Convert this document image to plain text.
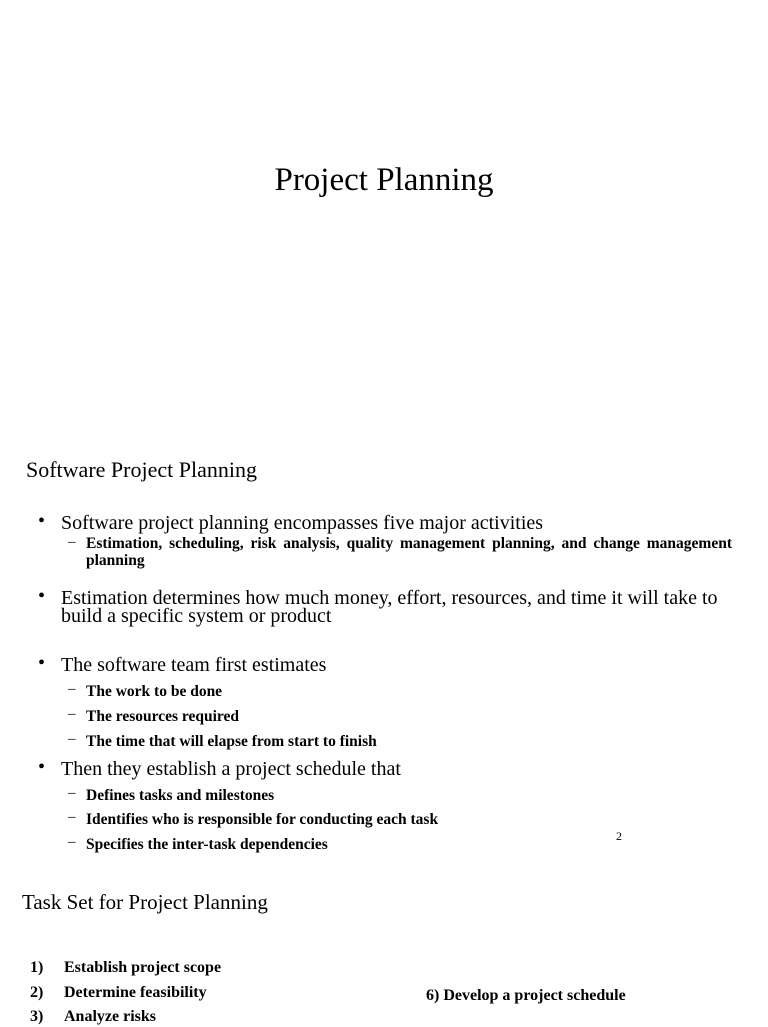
Project Planning
Software Project Planning
• Software project planning encompasses five major activities
– Estimation, scheduling, risk analysis, quality management planning, and change management planning
• Estimation determines how much money, effort, resources, and time it will take to build a specific system or product
• The software team first estimates
– The work to be done
– The resources required
– The time that will elapse from start to finish
• Then they establish a project schedule that
– Defines tasks and milestones
– Identifies who is responsible for conducting each task
– Specifies the inter-task dependencies	2
Task Set for Project Planning
1) Establish project scope
2) Determine feasibility
3) Analyze risks
6) Develop a project schedule
